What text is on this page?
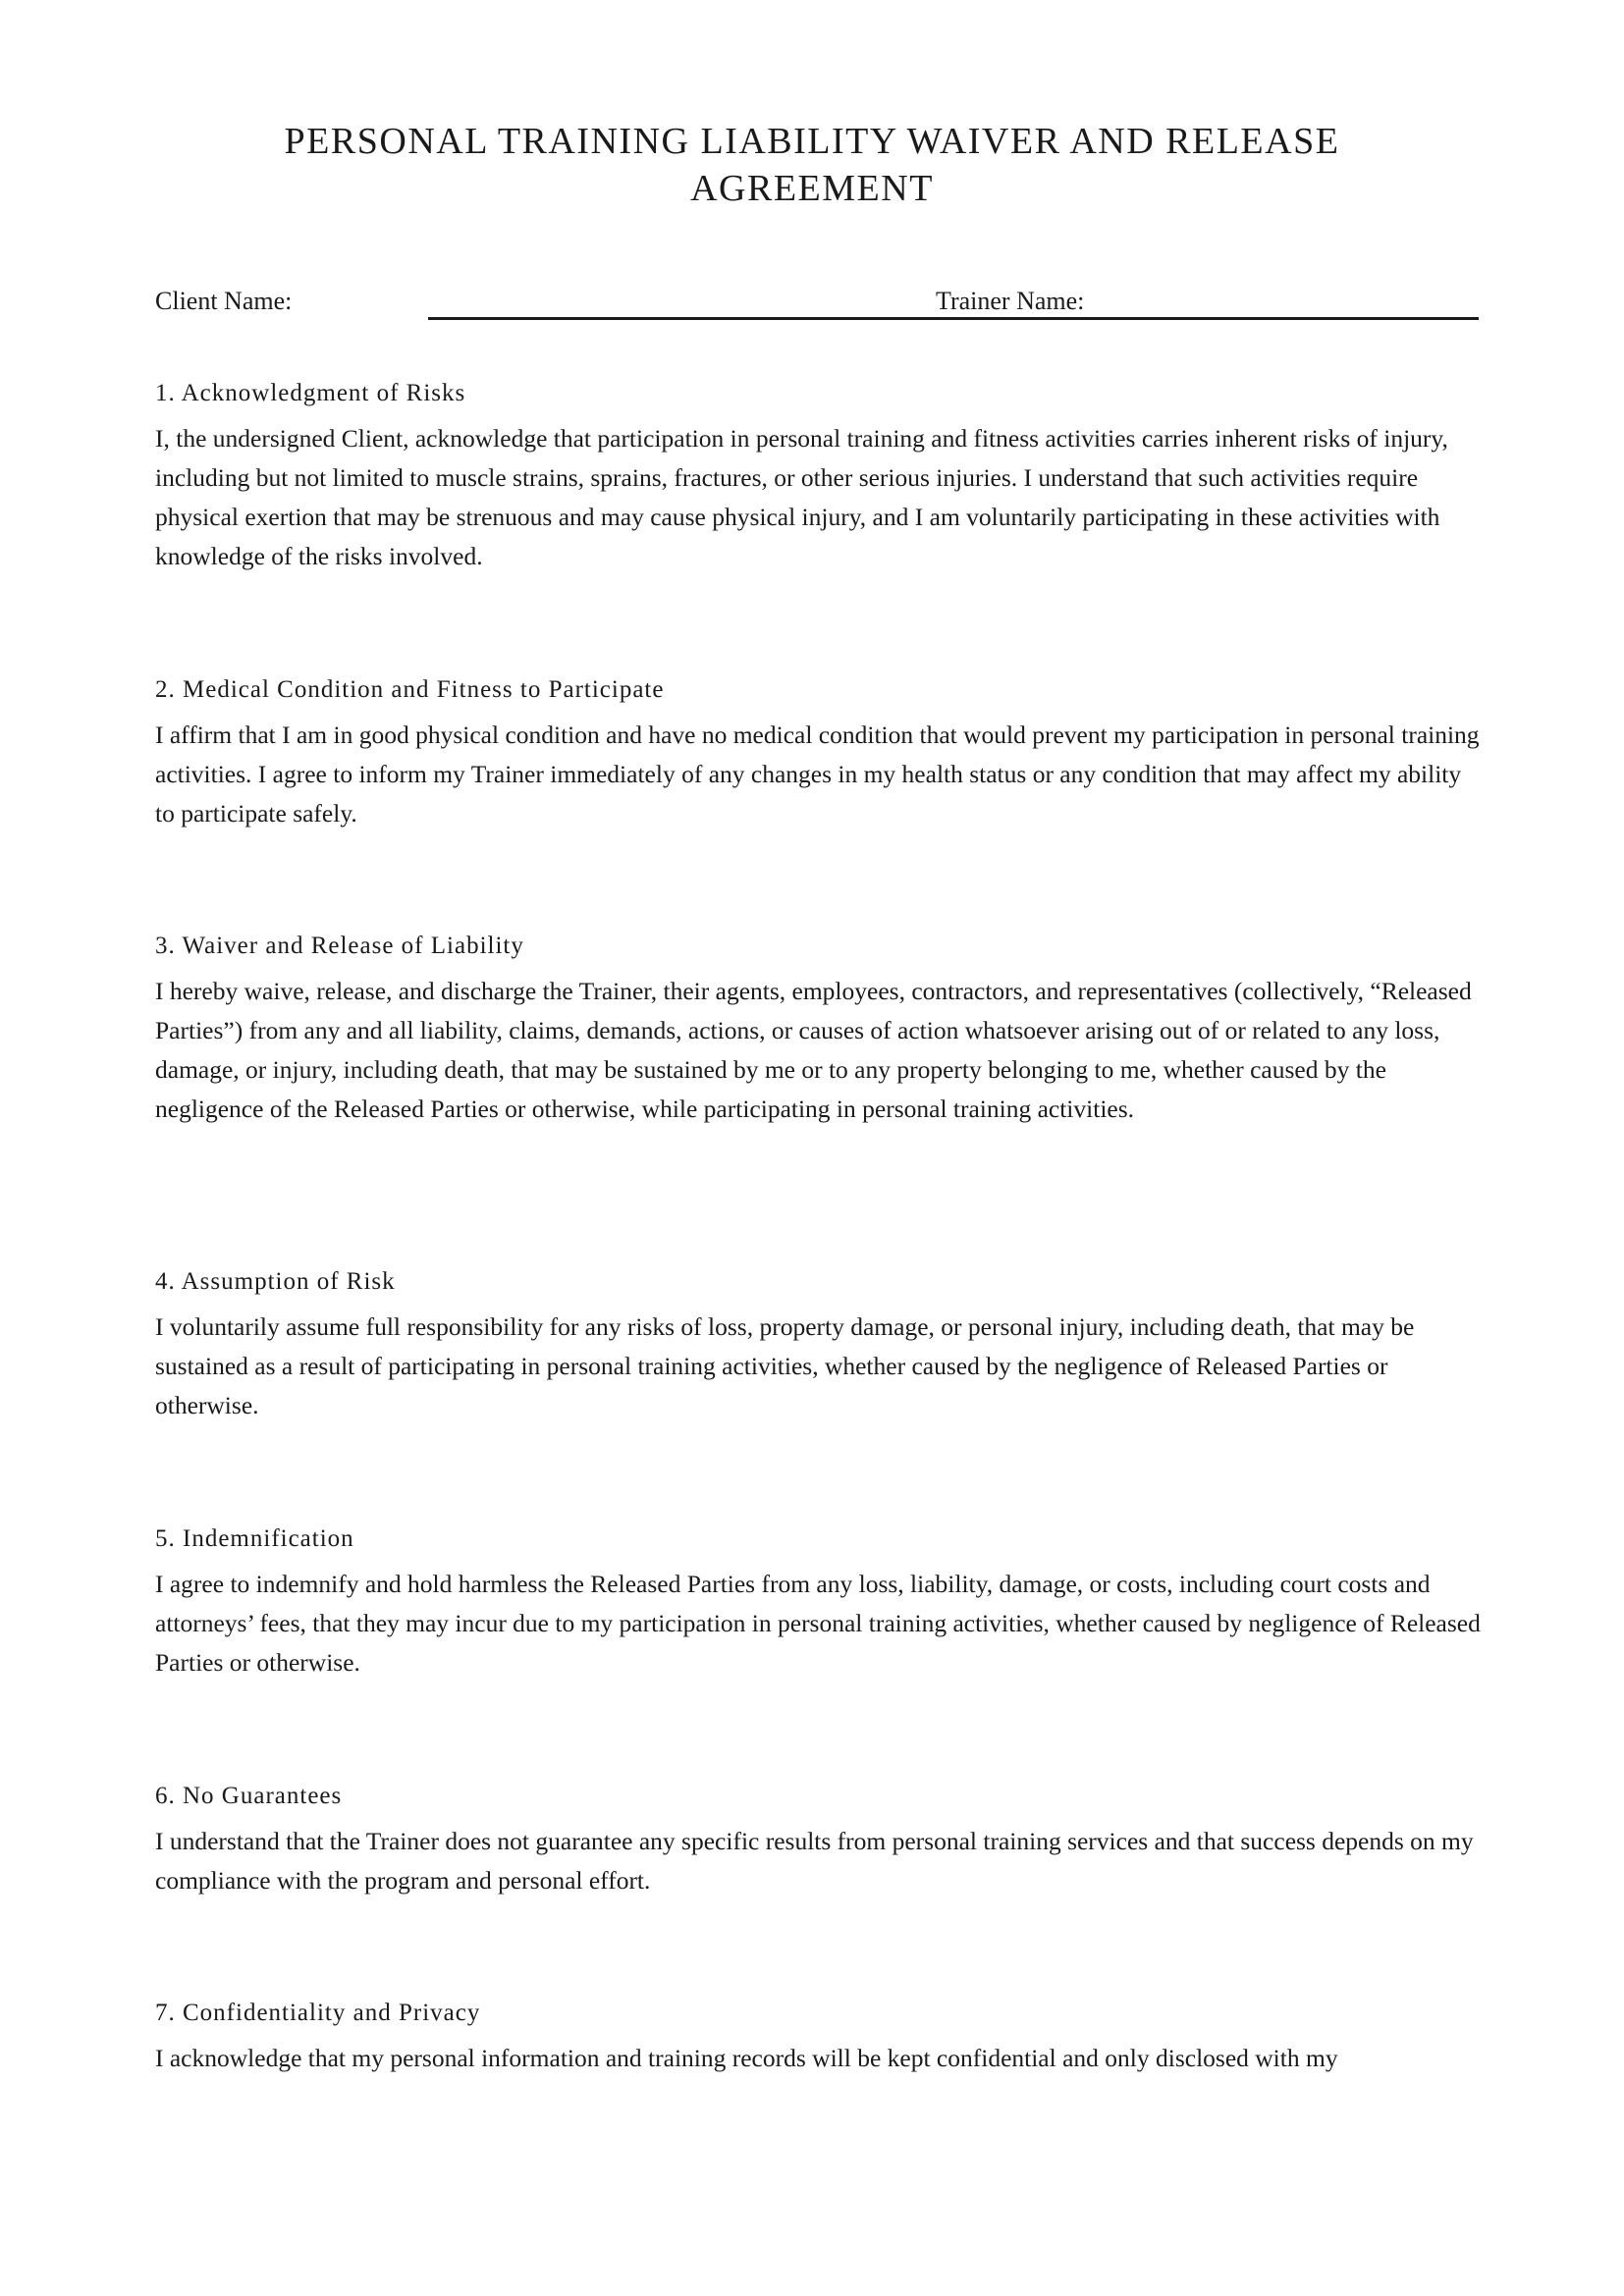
PERSONAL TRAINING LIABILITY WAIVER AND RELEASE AGREEMENT
Client Name:	Trainer Name:
1. Acknowledgment of Risks

I, the undersigned Client, acknowledge that participation in personal training and fitness activities carries inherent risks of injury, including but not limited to muscle strains, sprains, fractures, or other serious injuries. I understand that such activities require physical exertion that may be strenuous and may cause physical injury, and I am voluntarily participating in these activities with knowledge of the risks involved.

2. Medical Condition and Fitness to Participate

I affirm that I am in good physical condition and have no medical condition that would prevent my participation in personal training activities. I agree to inform my Trainer immediately of any changes in my health status or any condition that may affect my ability to participate safely.

3. Waiver and Release of Liability

I hereby waive, release, and discharge the Trainer, their agents, employees, contractors, and representatives (collectively, “Released Parties”) from any and all liability, claims, demands, actions, or causes of action whatsoever arising out of or related to any loss, damage, or injury, including death, that may be sustained by me or to any property belonging to me, whether caused by the negligence of the Released Parties or otherwise, while participating in personal training activities.

4. Assumption of Risk

I voluntarily assume full responsibility for any risks of loss, property damage, or personal injury, including death, that may be sustained as a result of participating in personal training activities, whether caused by the negligence of Released Parties or otherwise.

5. Indemnification

I agree to indemnify and hold harmless the Released Parties from any loss, liability, damage, or costs, including court costs and attorneys’ fees, that they may incur due to my participation in personal training activities, whether caused by negligence of Released Parties or otherwise.

6. No Guarantees

I understand that the Trainer does not guarantee any specific results from personal training services and that success depends on my compliance with the program and personal effort.

7. Confidentiality and Privacy

I acknowledge that my personal information and training records will be kept confidential and only disclosed with my
